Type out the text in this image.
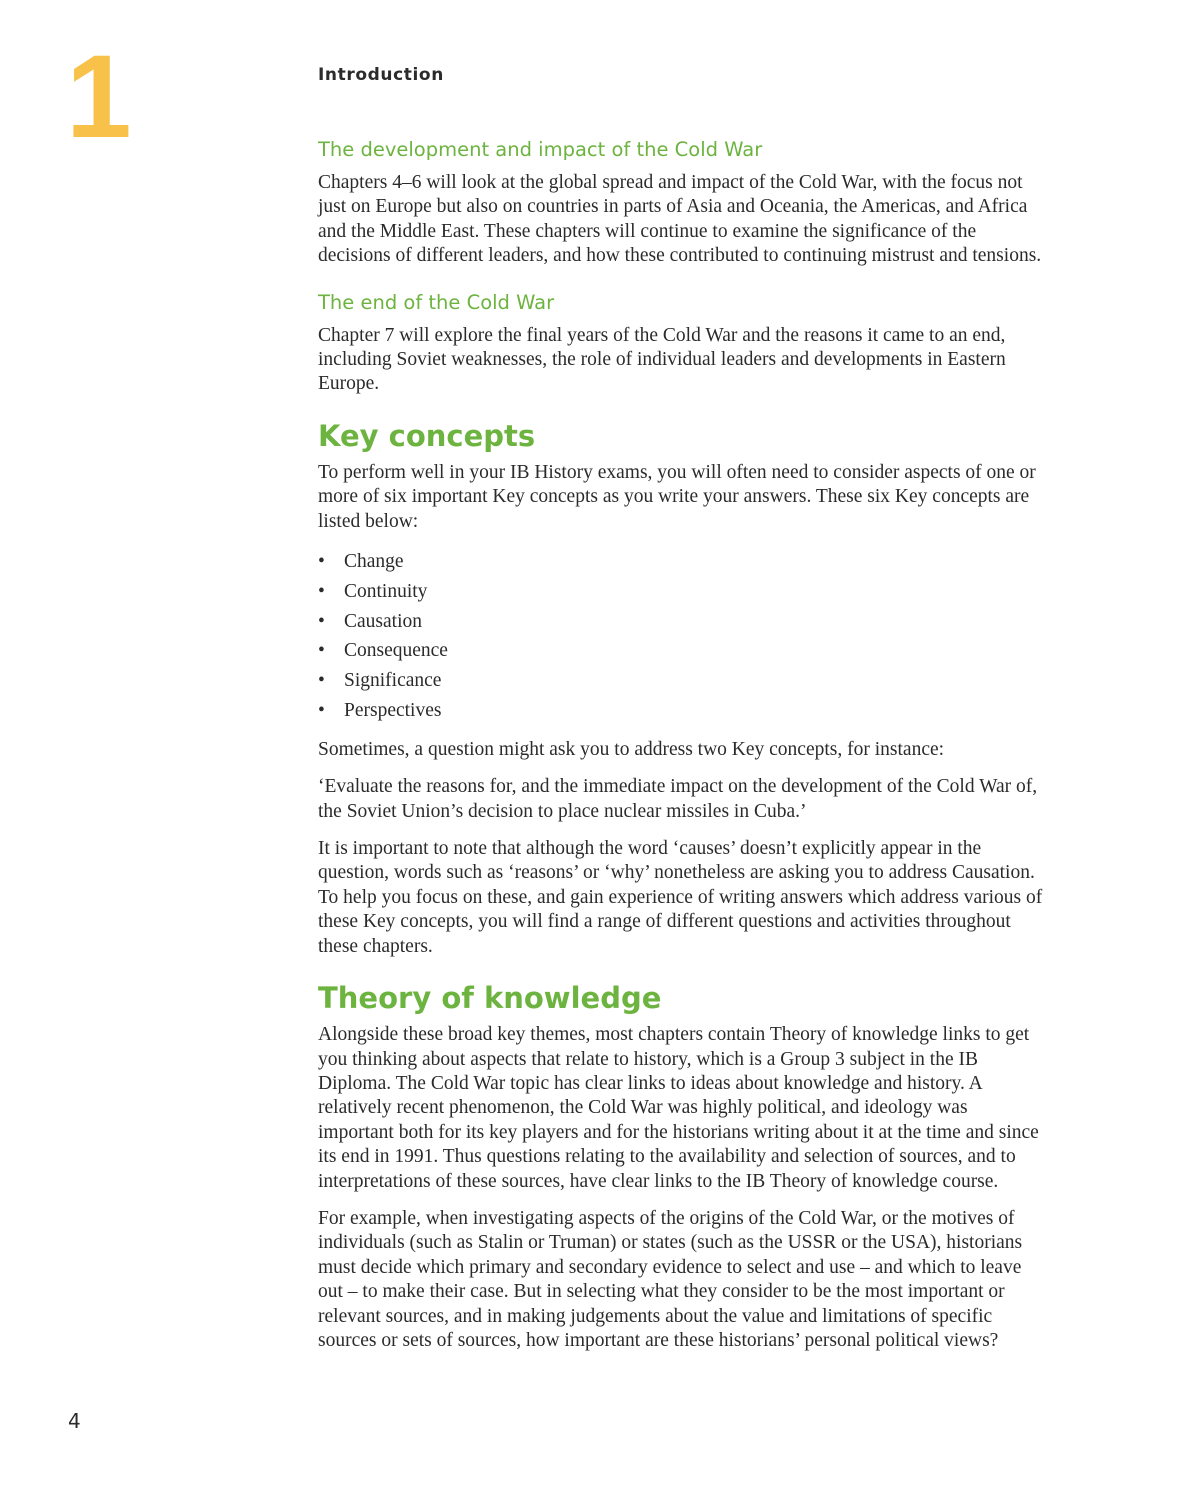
1	Introduction
The development and impact of the Cold War

Chapters 4–6 will look at the global spread and impact of the Cold War, with the focus not just on Europe but also on countries in parts of Asia and Oceania, the Americas, and Africa and the Middle East. These chapters will continue to examine the significance of the decisions of different leaders, and how these contributed to continuing mistrust and tensions.

The end of the Cold War

Chapter 7 will explore the final years of the Cold War and the reasons it came to an end, including Soviet weaknesses, the role of individual leaders and developments in Eastern Europe.

Key concepts

To perform well in your IB History exams, you will often need to consider aspects of one or more of six important Key concepts as you write your answers. These six Key concepts are listed below:

• Change
• Continuity
• Causation
• Consequence
• Significance
• Perspectives

Sometimes, a question might ask you to address two Key concepts, for instance:

‘Evaluate the reasons for, and the immediate impact on the development of the Cold War of, the Soviet Union’s decision to place nuclear missiles in Cuba.’

It is important to note that although the word ‘causes’ doesn’t explicitly appear in the question, words such as ‘reasons’ or ‘why’ nonetheless are asking you to address Causation. To help you focus on these, and gain experience of writing answers which address various of these Key concepts, you will find a range of different questions and activities throughout these chapters.

Theory of knowledge

Alongside these broad key themes, most chapters contain Theory of knowledge links to get you thinking about aspects that relate to history, which is a Group 3 subject in the IB Diploma. The Cold War topic has clear links to ideas about knowledge and history. A relatively recent phenomenon, the Cold War was highly political, and ideology was important both for its key players and for the historians writing about it at the time and since its end in 1991. Thus questions relating to the availability and selection of sources, and to interpretations of these sources, have clear links to the IB Theory of knowledge course.

For example, when investigating aspects of the origins of the Cold War, or the motives of individuals (such as Stalin or Truman) or states (such as the USSR or the USA), historians must decide which primary and secondary evidence to select and use – and which to leave out – to make their case. But in selecting what they consider to be the most important or relevant sources, and in making judgements about the value and limitations of specific sources or sets of sources, how important are these historians’ personal political views?

4
